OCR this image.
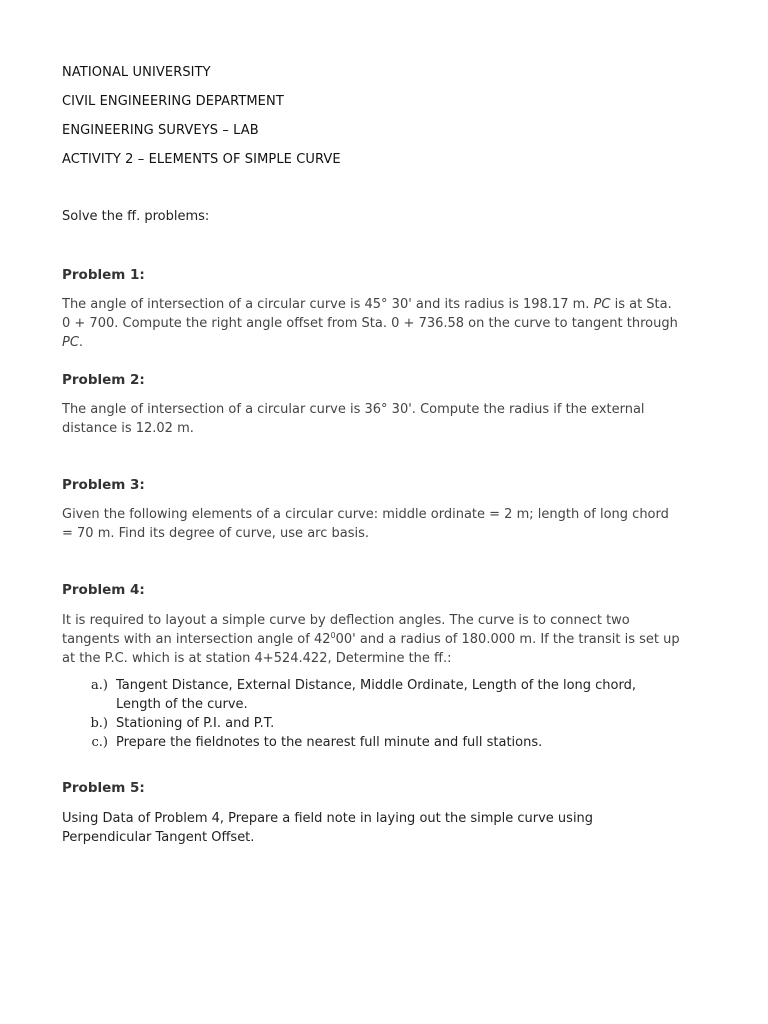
NATIONAL UNIVERSITY
CIVIL ENGINEERING DEPARTMENT
ENGINEERING SURVEYS – LAB
ACTIVITY 2 – ELEMENTS OF SIMPLE CURVE
Solve the ff. problems:
Problem 1:
The angle of intersection of a circular curve is 45° 30' and its radius is 198.17 m. PC is at Sta. 0 + 700. Compute the right angle offset from Sta. 0 + 736.58 on the curve to tangent through PC.
Problem 2:
The angle of intersection of a circular curve is 36° 30'. Compute the radius if the external distance is 12.02 m.
Problem 3:
Given the following elements of a circular curve: middle ordinate = 2 m; length of long chord = 70 m. Find its degree of curve, use arc basis.
Problem 4:
It is required to layout a simple curve by deflection angles. The curve is to connect two tangents with an intersection angle of $42^000'$ and a radius of 180.000 m. If the transit is set up at the P.C. which is at station 4+524.422, Determine the ff.:
a.) Tangent Distance, External Distance, Middle Ordinate, Length of the long chord, Length of the curve.
b.) Stationing of P.I. and P.T.
c.) Prepare the fieldnotes to the nearest full minute and full stations.
Problem 5:
Using Data of Problem 4, Prepare a field note in laying out the simple curve using Perpendicular Tangent Offset.
